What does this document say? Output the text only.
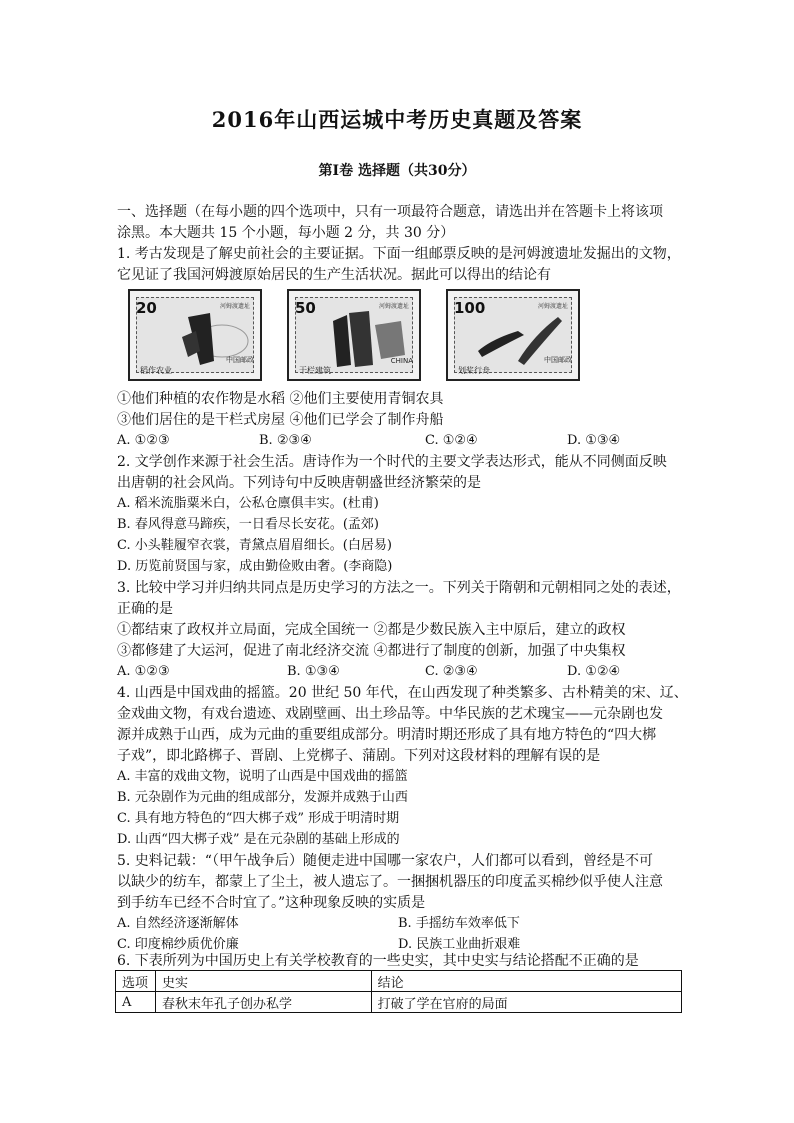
2016年山西运城中考历史真题及答案
第Ⅰ卷 选择题（共30分）
一、选择题（在每小题的四个选项中，只有一项最符合题意，请选出并在答题卡上将该项
涂黑。本大题共 15 个小题，每小题 2 分，共 30 分）
1. 考古发现是了解史前社会的主要证据。下面一组邮票反映的是河姆渡遗址发掘出的文物，
它见证了我国河姆渡原始居民的生产生活状况。据此可以得出的结论有
20	河姆渡遗址
中国邮政
稻作农业
50	河姆渡遗址
CHINA
干栏建筑
100	河姆渡遗址
中国邮政
划桨行舟
①他们种植的农作物是水稻 ②他们主要使用青铜农具
③他们居住的是干栏式房屋 ④他们已学会了制作舟船
A. ①②③	B. ②③④	C. ①②④	D. ①③④
2. 文学创作来源于社会生活。唐诗作为一个时代的主要文学表达形式，能从不同侧面反映
出唐朝的社会风尚。下列诗句中反映唐朝盛世经济繁荣的是
A. 稻米流脂粟米白，公私仓廪俱丰实。(杜甫)
B. 春风得意马蹄疾，一日看尽长安花。(孟郊)
C. 小头鞋履窄衣裳，青黛点眉眉细长。(白居易)
D. 历览前贤国与家，成由勤俭败由奢。(李商隐)
3. 比较中学习并归纳共同点是历史学习的方法之一。下列关于隋朝和元朝相同之处的表述，
正确的是
①都结束了政权并立局面，完成全国统一 ②都是少数民族入主中原后，建立的政权
③都修建了大运河，促进了南北经济交流 ④都进行了制度的创新，加强了中央集权
A. ①②③	B. ①③④	C. ②③④	D. ①②④
4. 山西是中国戏曲的摇篮。20 世纪 50 年代，在山西发现了种类繁多、古朴精美的宋、辽、
金戏曲文物，有戏台遗迹、戏剧壁画、出土珍品等。中华民族的艺术瑰宝——元杂剧也发
源并成熟于山西，成为元曲的重要组成部分。明清时期还形成了具有地方特色的“四大梆
子戏”，即北路梆子、晋剧、上党梆子、蒲剧。下列对这段材料的理解有误的是
A. 丰富的戏曲文物，说明了山西是中国戏曲的摇篮
B. 元杂剧作为元曲的组成部分，发源并成熟于山西
C. 具有地方特色的“四大梆子戏” 形成于明清时期
D. 山西“四大梆子戏” 是在元杂剧的基础上形成的
5. 史料记载：“（甲午战争后）随便走进中国哪一家农户，人们都可以看到，曾经是不可
以缺少的纺车，都蒙上了尘土，被人遗忘了。一捆捆机器压的印度孟买棉纱似乎使人注意
到手纺车已经不合时宜了。”这种现象反映的实质是
A. 自然经济逐渐解体	B. 手摇纺车效率低下
C. 印度棉纱质优价廉	D. 民族工业曲折艰难
6. 下表所列为中国历史上有关学校教育的一些史实，其中史实与结论搭配不正确的是
选项	史实	结论
A	春秋末年孔子创办私学	打破了学在官府的局面
